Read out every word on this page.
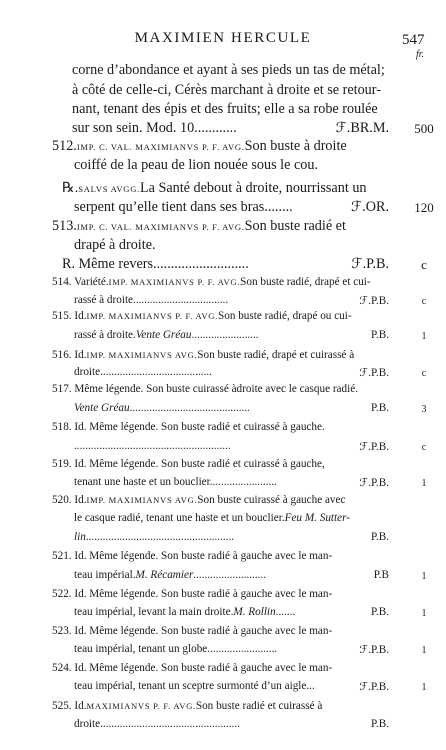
MAXIMIEN HERCULE	547
fr.
corne d’abondance et ayant à ses pieds un tas de métal;
à côté de celle-ci, Cérès marchant à droite et se retour-
nant, tenant des épis et des fruits; elle a sa robe roulée
sur son sein. Mod. 10............	ℱ.BR.M.	500
512.IMP. C. VAL. MAXIMIANVS P. F. AVG.Son buste à droite
coiffé de la peau de lion nouée sous le cou.
℞.SALVS AVGG.La Santé debout à droite, nourrissant un
serpent qu’elle tient dans ses bras........	ℱ.OR.	120
513.IMP. C. VAL. MAXIMIANVS P. F. AVG.Son buste radié et
drapé à droite.
R. Même revers...........................	ℱ.P.B.	c
514. Variété.IMP. MAXIMIANVS P. F. AVG.Son buste radié, drapé et cui-
rassé à droite..................................	ℱ.P.B.	c
515. Id.IMP. MAXIMIANVS P. F. AVG.Son buste radié, drapé ou cui-
rassé à droite.Vente Gréau........................	P.B.	1
516. Id.IMP. MAXIMIANVS AVG.Son buste radié, drapé et cuirassé à
droite........................................	ℱ.P.B.	c
517. Même légende. Son buste cuirassé àdroite avec le casque radié.
Vente Gréau...........................................	P.B.	3
518. Id. Même légende. Son buste radié et cuirassé à gauche.
........................................................	ℱ.P.B.	c
519. Id. Même légende. Son buste radié et cuirassé à gauche,
tenant une haste et un bouclier........................	ℱ.P.B.	1
520. Id.IMP. MAXIMIANVS AVG.Son buste cuirassé à gauche avec
le casque radié, tenant une haste et un bouclier.Feu M. Sutter-
lin.....................................................	P.B.
521. Id. Même légende. Son buste radié à gauche avec le man-
teau impérial.M. Récamier..........................	P.B	1
522. Id. Même légende. Son buste radié à gauche avec le man-
teau impérial, levant la main droite.M. Rollin.......	P.B.	1
523. Id. Même légende. Son buste radié à gauche avec le man-
teau impérial, tenant un globe.........................	ℱ.P.B.	1
524. Id. Même légende. Son buste radié à gauche avec le man-
teau impérial, tenant un sceptre surmonté d’un aigle...	ℱ.P.B.	1
525. Id.MAXIMIANVS P. F. AVG.Son buste radié et cuirassé à
droite..................................................	P.B.
